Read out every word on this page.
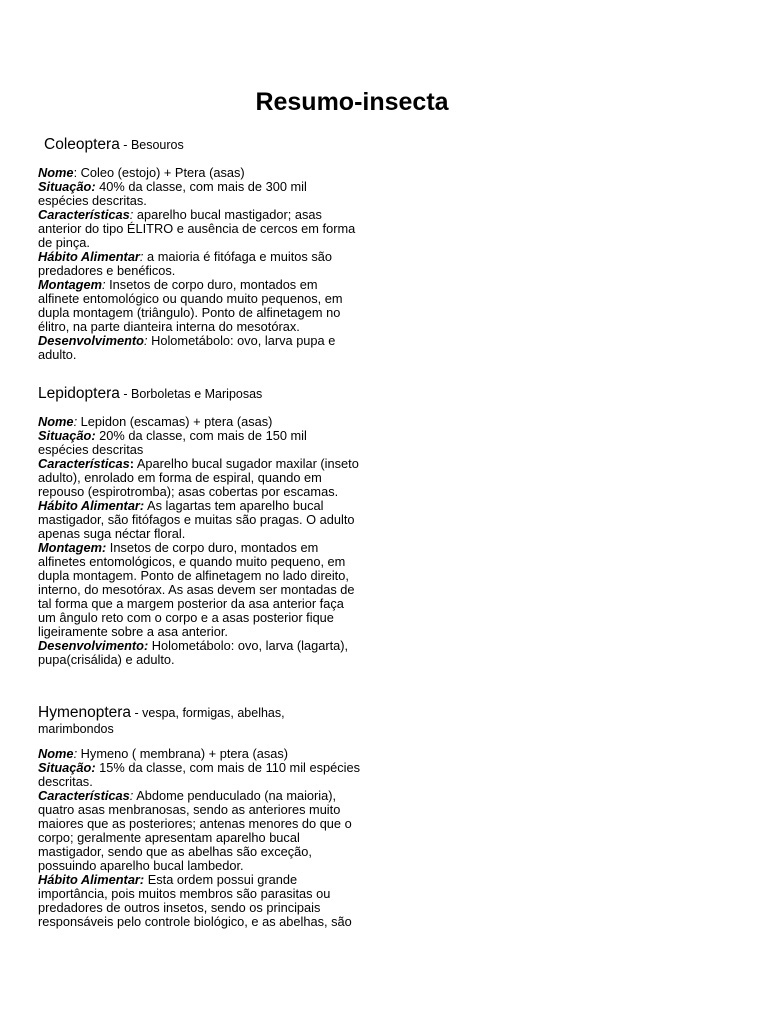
Resumo-insecta

Coleoptera - Besouros

Nome: Coleo (estojo) + Ptera (asas)

Situação: 40% da classe, com mais de 300 mil espécies descritas.

Características: aparelho bucal mastigador; asas anterior do tipo ÉLITRO e ausência de cercos em forma de pinça.

Hábito Alimentar: a maioria é fitófaga e muitos são predadores e benéficos.

Montagem: Insetos de corpo duro, montados em alfinete entomológico ou quando muito pequenos, em dupla montagem (triângulo). Ponto de alfinetagem no élitro, na parte dianteira interna do mesotórax.

Desenvolvimento: Holometábolo: ovo, larva pupa e adulto.

Lepidoptera - Borboletas e Mariposas

Nome: Lepidon (escamas) + ptera (asas)

Situação: 20% da classe, com mais de 150 mil espécies descritas

Características: Aparelho bucal sugador maxilar (inseto adulto), enrolado em forma de espiral, quando em repouso (espirotromba); asas cobertas por escamas.

Hábito Alimentar: As lagartas tem aparelho bucal mastigador, são fitófagos e muitas são pragas. O adulto apenas suga néctar floral.

Montagem: Insetos de corpo duro, montados em alfinetes entomológicos, e quando muito pequeno, em dupla montagem. Ponto de alfinetagem no lado direito, interno, do mesotórax. As asas devem ser montadas de tal forma que a margem posterior da asa anterior faça um ângulo reto com o corpo e a asas posterior fique ligeiramente sobre a asa anterior.

Desenvolvimento: Holometábolo: ovo, larva (lagarta), pupa(crisálida) e adulto.

Hymenoptera - vespa, formigas, abelhas, marimbondos

Nome: Hymeno ( membrana) + ptera (asas)

Situação: 15% da classe, com mais de 110 mil espécies descritas.

Características: Abdome penduculado (na maioria), quatro asas menbranosas, sendo as anteriores muito maiores que as posteriores; antenas menores do que o corpo; geralmente apresentam aparelho bucal mastigador, sendo que as abelhas são exceção, possuindo aparelho bucal lambedor.

Hábito Alimentar: Esta ordem possui grande importância, pois muitos membros são parasitas ou predadores de outros insetos, sendo os principais responsáveis pelo controle biológico, e as abelhas, são
